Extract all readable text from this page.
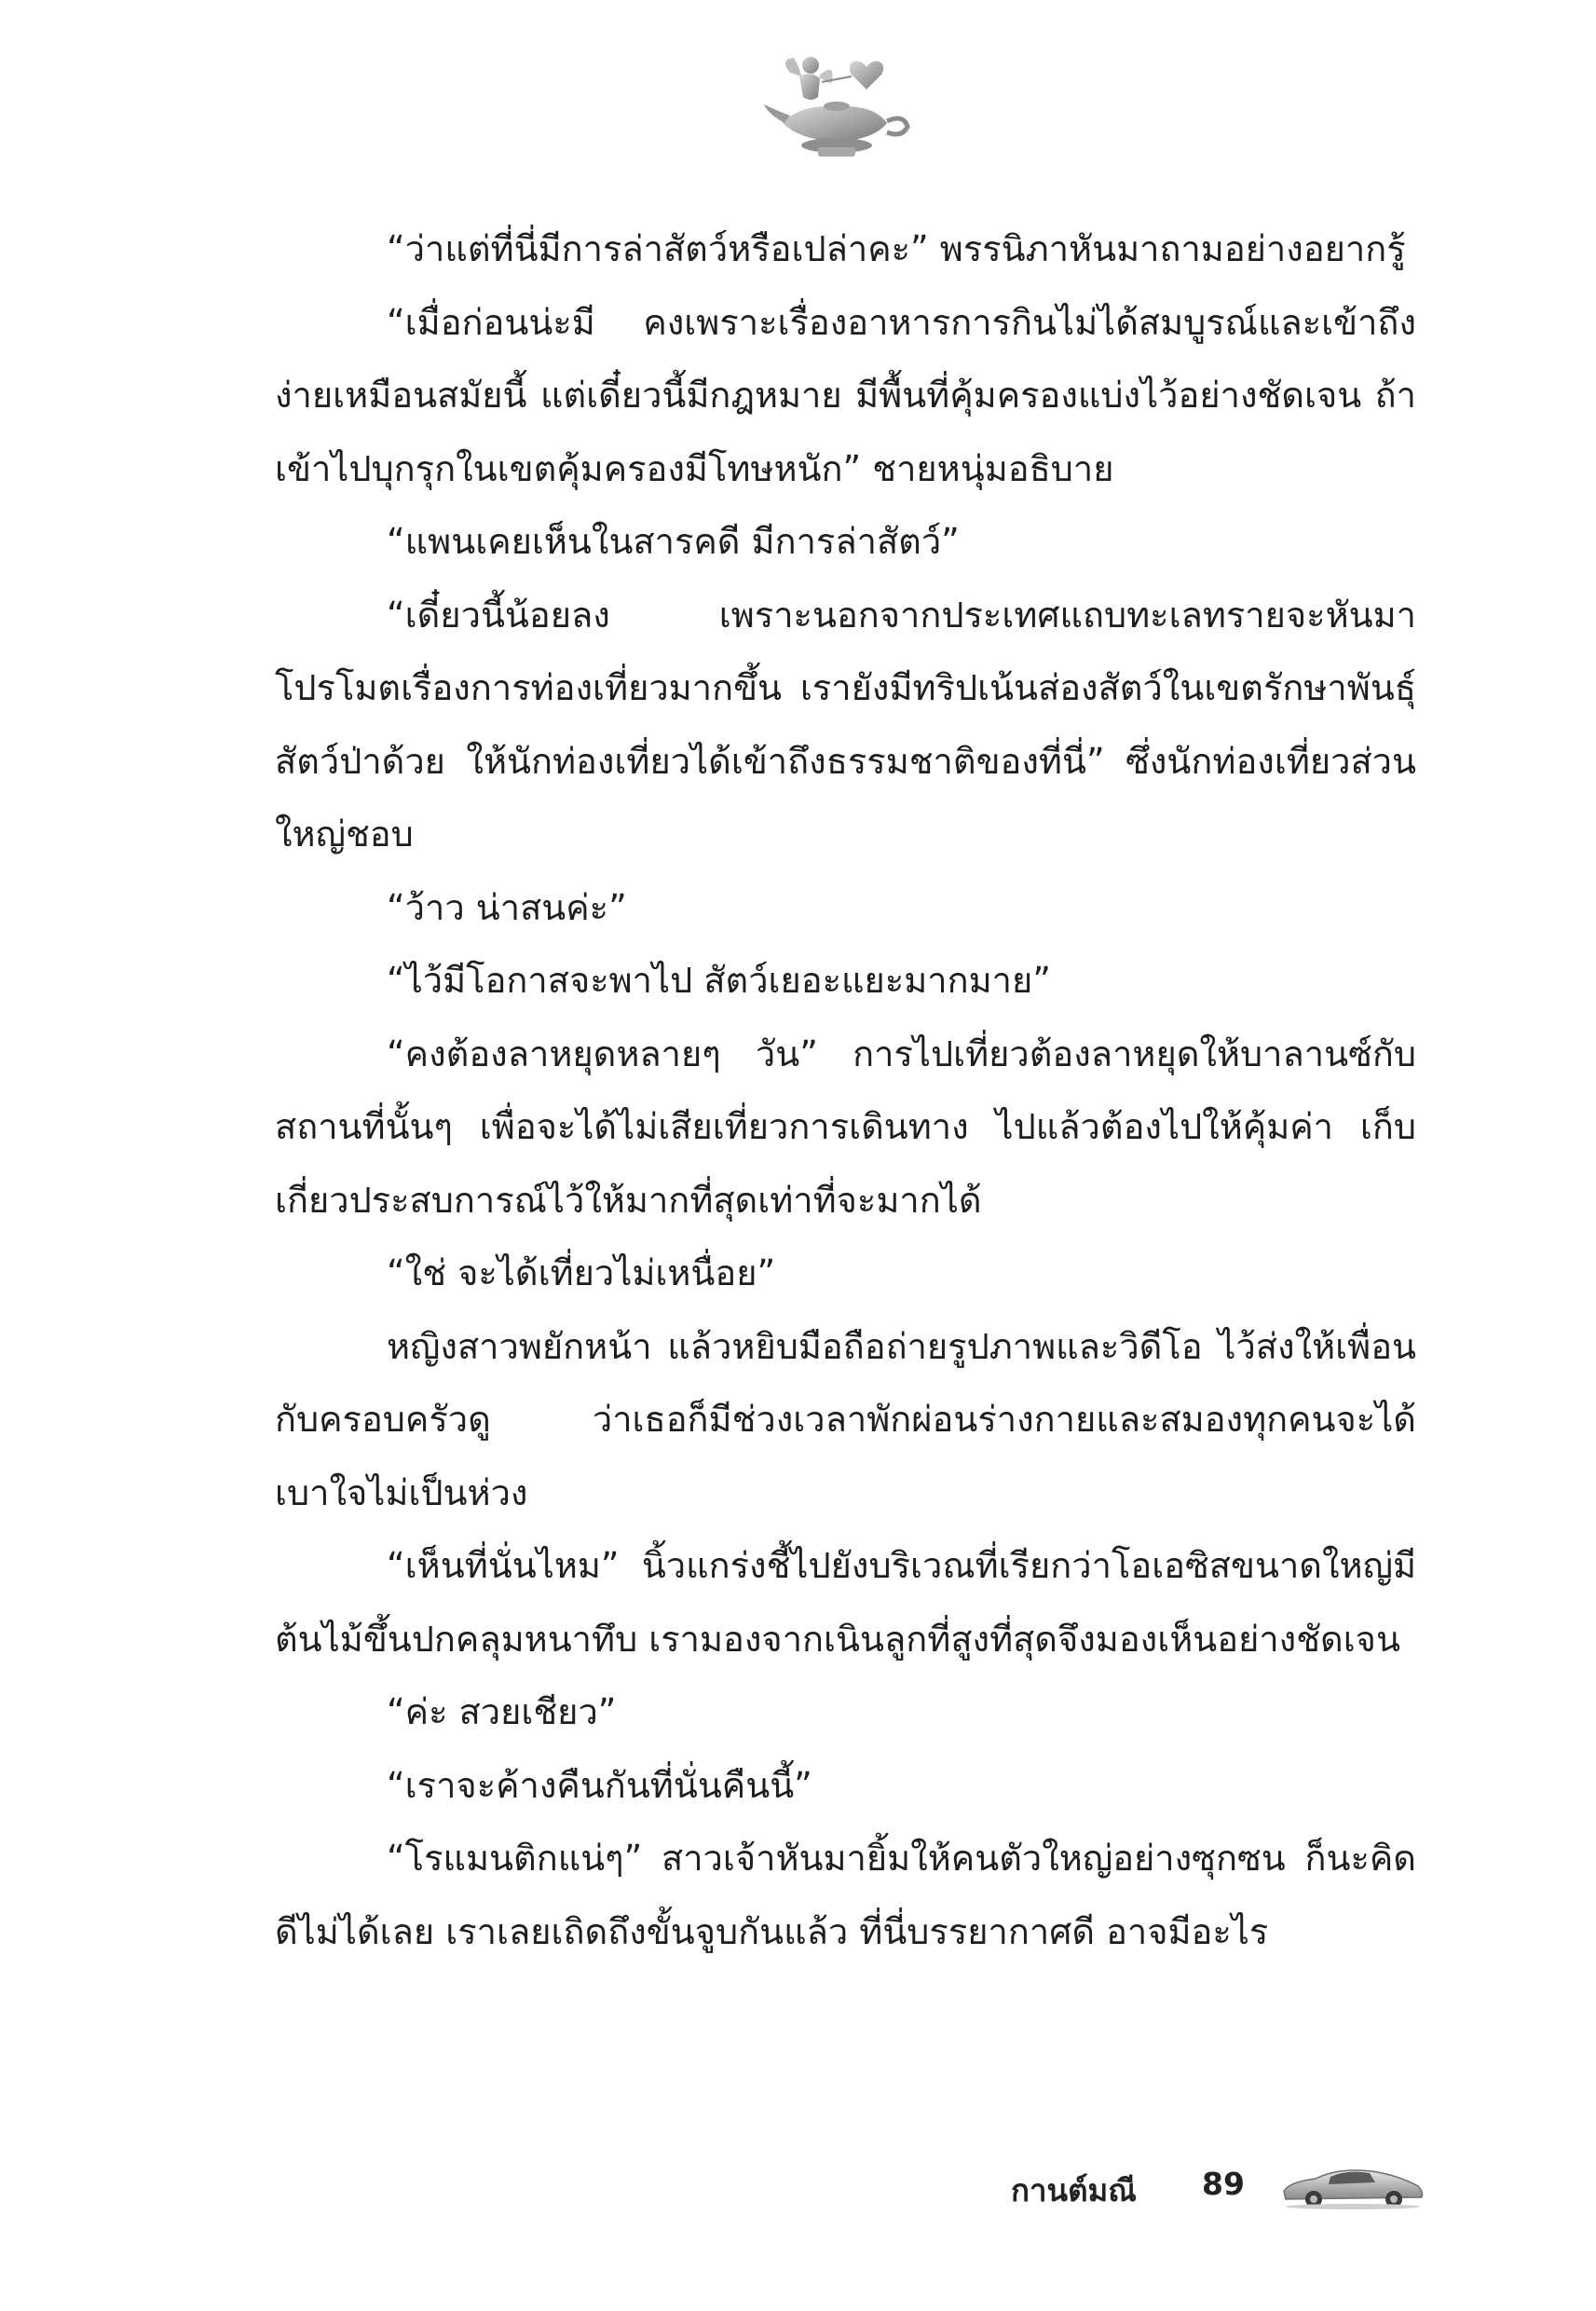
“ว่าแต่ที่นี่มีการล่าสัตว์หรือเปล่าคะ” พรรนิภาหันมาถามอย่างอยากรู้

“เมื่อก่อนน่ะมี คงเพราะเรื่องอาหารการกินไม่ได้สมบูรณ์และเข้าถึงง่ายเหมือนสมัยนี้ แต่เดี๋ยวนี้มีกฎหมาย มีพื้นที่คุ้มครองแบ่งไว้อย่างชัดเจน ถ้าเข้าไปบุกรุกในเขตคุ้มครองมีโทษหนัก” ชายหนุ่มอธิบาย

“แพนเคยเห็นในสารคดี มีการล่าสัตว์”

“เดี๋ยวนี้น้อยลง เพราะนอกจากประเทศแถบทะเลทรายจะหันมาโปรโมตเรื่องการท่องเที่ยวมากขึ้น เรายังมีทริปเน้นส่องสัตว์ในเขตรักษาพันธุ์สัตว์ป่าด้วย ให้นักท่องเที่ยวได้เข้าถึงธรรมชาติของที่นี่” ซึ่งนักท่องเที่ยวส่วนใหญ่ชอบ

“ว้าว น่าสนค่ะ”

“ไว้มีโอกาสจะพาไป สัตว์เยอะแยะมากมาย”

“คงต้องลาหยุดหลายๆ วัน” การไปเที่ยวต้องลาหยุดให้บาลานซ์กับสถานที่นั้นๆ เพื่อจะได้ไม่เสียเที่ยวการเดินทาง ไปแล้วต้องไปให้คุ้มค่า เก็บเกี่ยวประสบการณ์ไว้ให้มากที่สุดเท่าที่จะมากได้

“ใช่ จะได้เที่ยวไม่เหนื่อย”

หญิงสาวพยักหน้า แล้วหยิบมือถือถ่ายรูปภาพและวิดีโอ ไว้ส่งให้เพื่อนกับครอบครัวดู ว่าเธอก็มีช่วงเวลาพักผ่อนร่างกายและสมองทุกคนจะได้เบาใจไม่เป็นห่วง

“เห็นที่นั่นไหม” นิ้วแกร่งชี้ไปยังบริเวณที่เรียกว่าโอเอซิสขนาดใหญ่มีต้นไม้ขึ้นปกคลุมหนาทึบ เรามองจากเนินลูกที่สูงที่สุดจึงมองเห็นอย่างชัดเจน

“ค่ะ สวยเชียว”

“เราจะค้างคืนกันที่นั่นคืนนี้”

“โรแมนติกแน่ๆ” สาวเจ้าหันมายิ้มให้คนตัวใหญ่อย่างซุกซน ก็นะคิดดีไม่ได้เลย เราเลยเถิดถึงขั้นจูบกันแล้ว ที่นี่บรรยากาศดี อาจมีอะไร

กานต์มณี 89
